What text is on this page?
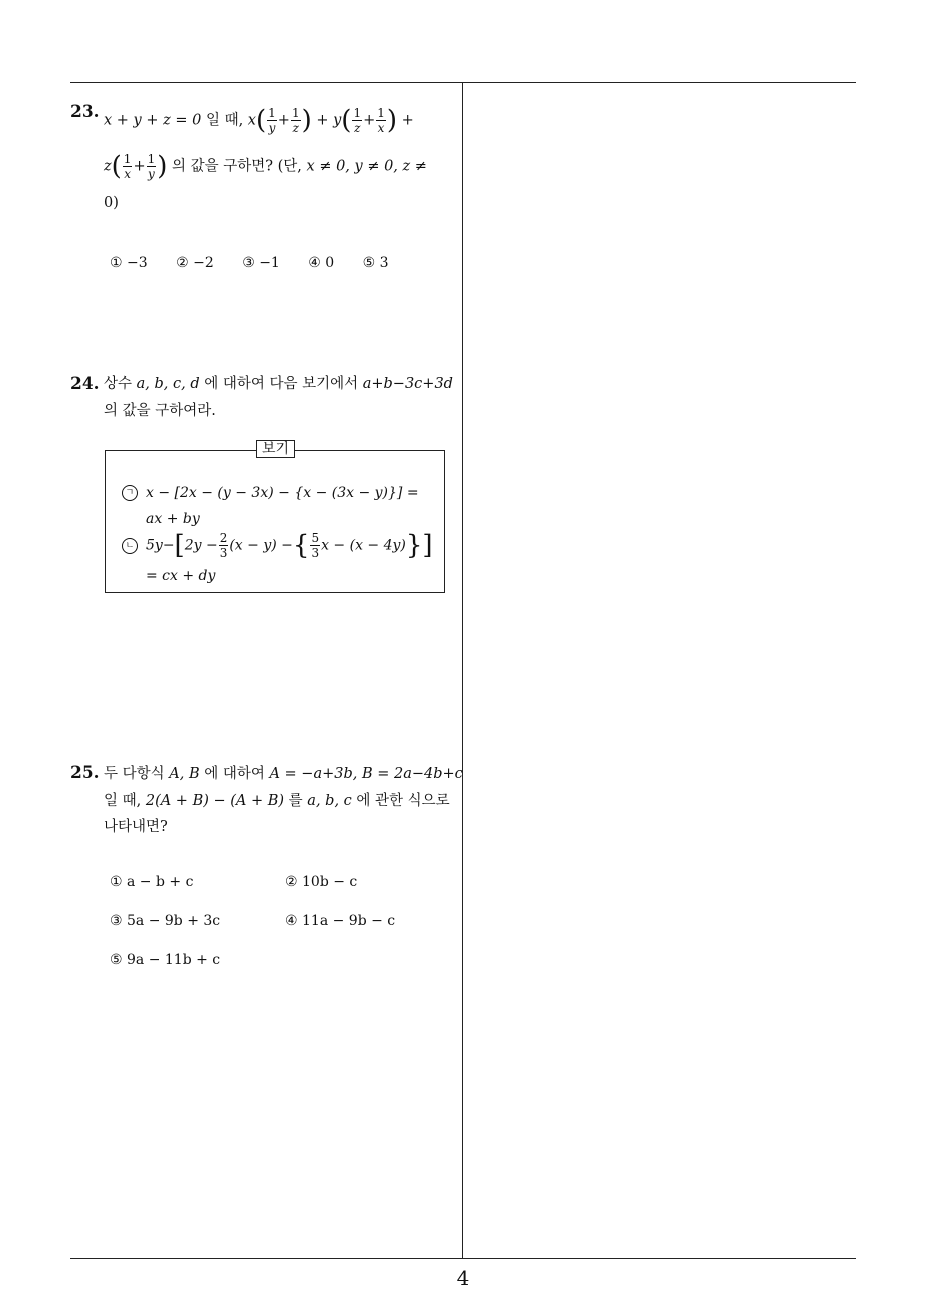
4
23. x + y + z = 0 일 때, $x( \frac{1}{y} + \frac{1}{z}$ ) + $y( \frac{1}{z} + \frac{1}{x}$ ) +
$z( \frac{1}{x} + \frac{1}{y}$ ) 의 값을 구하면? (단, x ≠ 0, y ≠ 0, z ≠
0)
① −3 ② −2 ③ −1 ④ 0 ⑤ 3
24. 상수 a, b, c, d 에 대하여 다음 보기에서 a+b−3c+3d
의 값을 구하여라.
보기
ㄱ x − [2x − (y − 3x) − {x − (3x − y)}] =
ax + by
ㄴ $5y-[2y - \frac{2}{3} (x - y)$ −{ $\frac{5}{3}$ x − (x − 4y)}]
= cx + dy
25. 두 다항식 A, B 에 대하여 A = −a+3b, B = 2a−4b+c
일 때, 2(A + B) − (A + B) 를 a, b, c 에 관한 식으로
나타내면?
① a − b + c	② 10b − c
③ 5a − 9b + 3c	④ 11a − 9b − c
⑤ 9a − 11b + c
